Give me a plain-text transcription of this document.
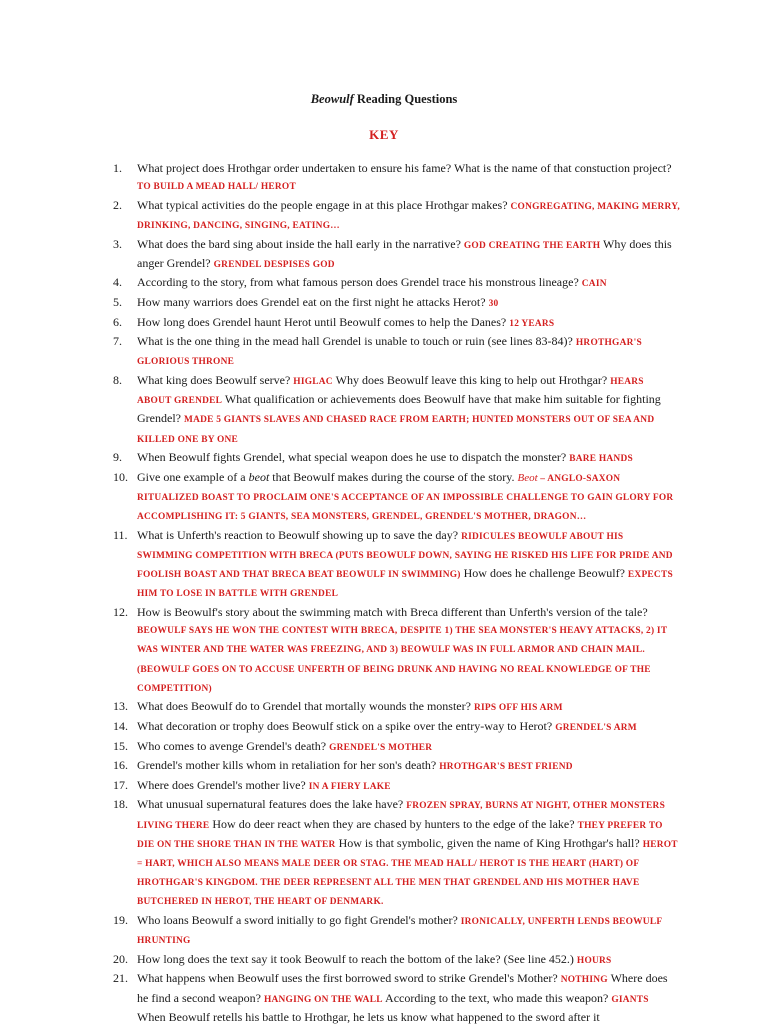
Beowulf Reading Questions
KEY
1. What project does Hrothgar order undertaken to ensure his fame? What is the name of that constuction project? TO BUILD A MEAD HALL/ HEROT
2. What typical activities do the people engage in at this place Hrothgar makes? CONGREGATING, MAKING MERRY, DRINKING, DANCING, SINGING, EATING…
3. What does the bard sing about inside the hall early in the narrative? GOD CREATING THE EARTH Why does this anger Grendel? GRENDEL DESPISES GOD
4. According to the story, from what famous person does Grendel trace his monstrous lineage? CAIN
5. How many warriors does Grendel eat on the first night he attacks Herot? 30
6. How long does Grendel haunt Herot until Beowulf comes to help the Danes? 12 YEARS
7. What is the one thing in the mead hall Grendel is unable to touch or ruin (see lines 83-84)? HROTHGAR'S GLORIOUS THRONE
8. What king does Beowulf serve? HIGLAC Why does Beowulf leave this king to help out Hrothgar? HEARS ABOUT GRENDEL What qualification or achievements does Beowulf have that make him suitable for fighting Grendel? MADE 5 GIANTS SLAVES AND CHASED RACE FROM EARTH; HUNTED MONSTERS OUT OF SEA AND KILLED ONE BY ONE
9. When Beowulf fights Grendel, what special weapon does he use to dispatch the monster? BARE HANDS
10. Give one example of a beot that Beowulf makes during the course of the story. Beot – ANGLO-SAXON RITUALIZED BOAST TO PROCLAIM ONE'S ACCEPTANCE OF AN IMPOSSIBLE CHALLENGE TO GAIN GLORY FOR ACCOMPLISHING IT: 5 GIANTS, SEA MONSTERS, GRENDEL, GRENDEL'S MOTHER, DRAGON…
11. What is Unferth's reaction to Beowulf showing up to save the day? RIDICULES BEOWULF ABOUT HIS SWIMMING COMPETITION WITH BRECA (PUTS BEOWULF DOWN, SAYING HE RISKED HIS LIFE FOR PRIDE AND FOOLISH BOAST AND THAT BRECA BEAT BEOWULF IN SWIMMING) How does he challenge Beowulf? EXPECTS HIM TO LOSE IN BATTLE WITH GRENDEL
12. How is Beowulf's story about the swimming match with Breca different than Unferth's version of the tale? BEOWULF SAYS HE WON THE CONTEST WITH BRECA, DESPITE 1) THE SEA MONSTER'S HEAVY ATTACKS, 2) IT WAS WINTER AND THE WATER WAS FREEZING, AND 3) BEOWULF WAS IN FULL ARMOR AND CHAIN MAIL. (BEOWULF GOES ON TO ACCUSE UNFERTH OF BEING DRUNK AND HAVING NO REAL KNOWLEDGE OF THE COMPETITION)
13. What does Beowulf do to Grendel that mortally wounds the monster? RIPS OFF HIS ARM
14. What decoration or trophy does Beowulf stick on a spike over the entry-way to Herot? GRENDEL'S ARM
15. Who comes to avenge Grendel's death? GRENDEL'S MOTHER
16. Grendel's mother kills whom in retaliation for her son's death? HROTHGAR'S BEST FRIEND
17. Where does Grendel's mother live? IN A FIERY LAKE
18. What unusual supernatural features does the lake have? FROZEN SPRAY, BURNS AT NIGHT, OTHER MONSTERS LIVING THERE How do deer react when they are chased by hunters to the edge of the lake? THEY PREFER TO DIE ON THE SHORE THAN IN THE WATER How is that symbolic, given the name of King Hrothgar's hall? HEROT = HART, WHICH ALSO MEANS MALE DEER OR STAG. THE MEAD HALL/ HEROT IS THE HEART (HART) OF HROTHGAR'S KINGDOM. THE DEER REPRESENT ALL THE MEN THAT GRENDEL AND HIS MOTHER HAVE BUTCHERED IN HEROT, THE HEART OF DENMARK.
19. Who loans Beowulf a sword initially to go fight Grendel's mother? IRONICALLY, UNFERTH LENDS BEOWULF HRUNTING
20. How long does the text say it took Beowulf to reach the bottom of the lake? (See line 452.) HOURS
21. What happens when Beowulf uses the first borrowed sword to strike Grendel's Mother? NOTHING Where does he find a second weapon? HANGING ON THE WALL According to the text, who made this weapon? GIANTS When Beowulf retells his battle to Hrothgar, he lets us know what happened to the sword after it
